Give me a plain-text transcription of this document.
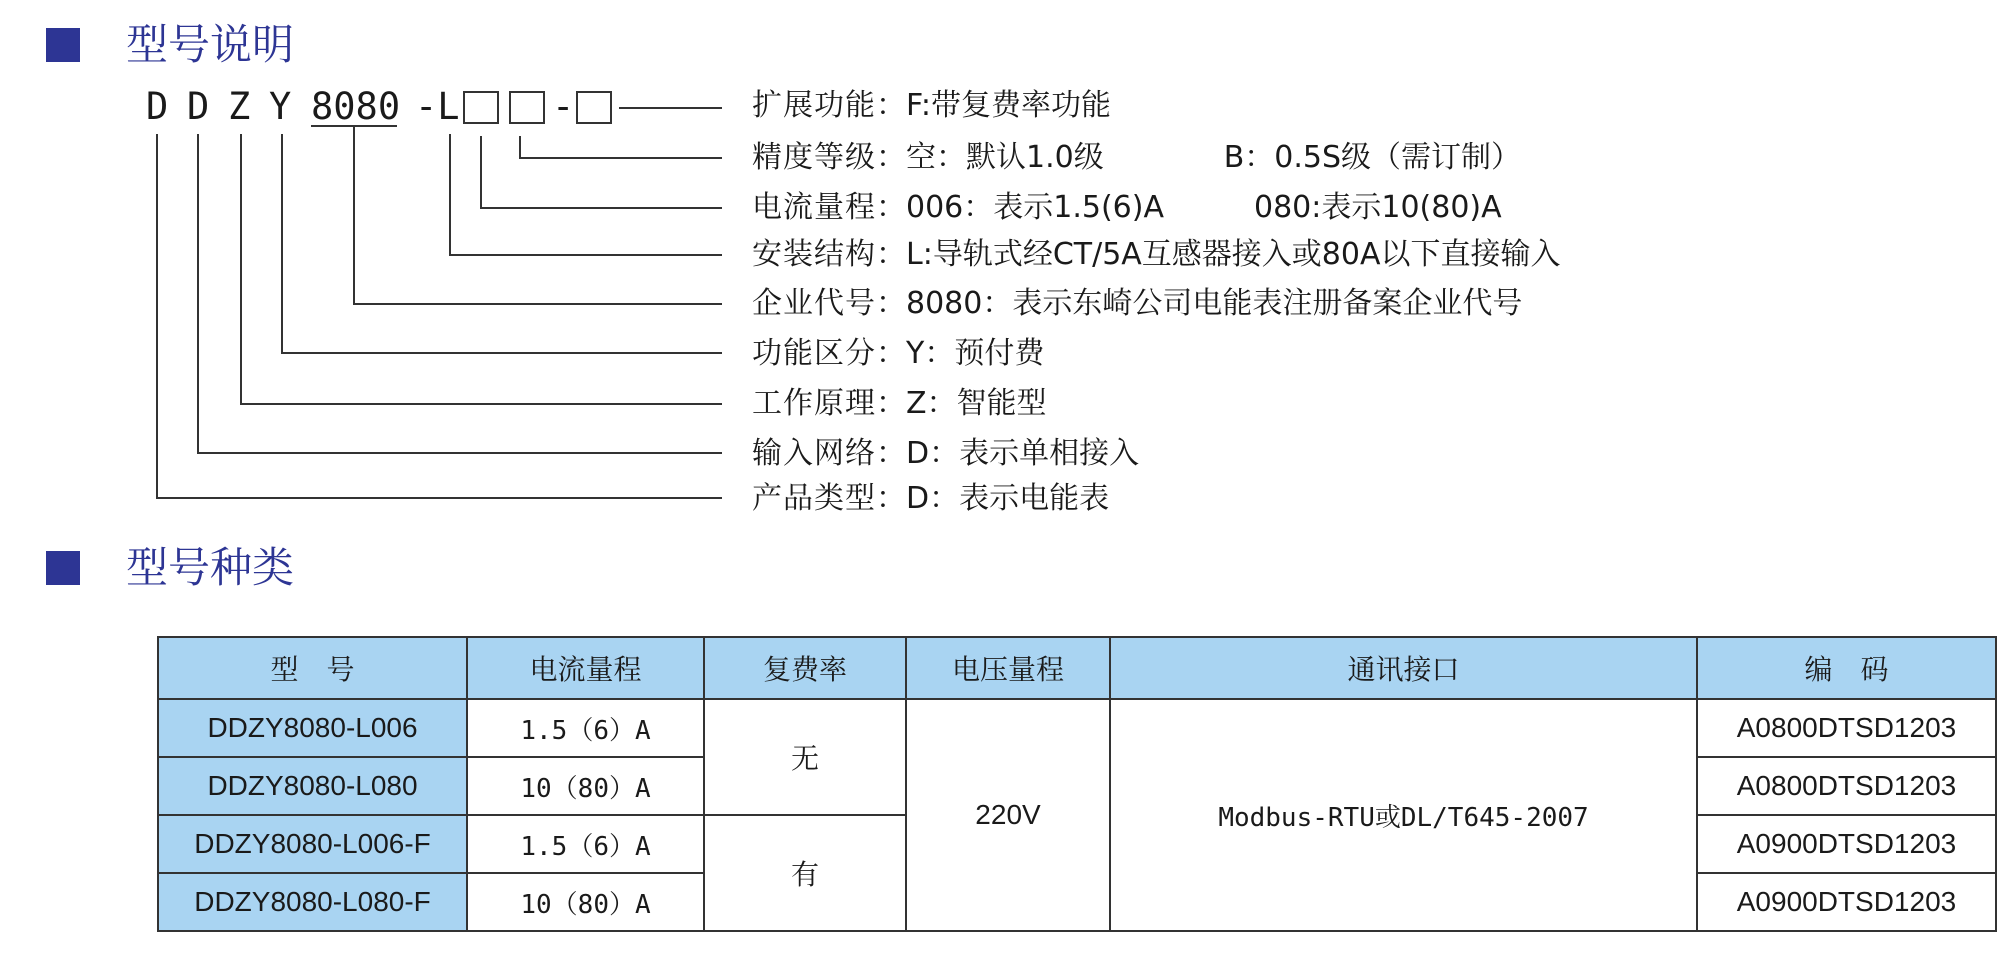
型号说明
D D Z Y 8080 -L -	扩展功能：F:带复费率功能
精度等级：空：默认1.0级　　　　B：0.5S级（需订制）
电流量程：006：表示1.5(6)A　　　080:表示10(80)A
安装结构：L:导轨式经CT/5A互感器接入或80A以下直接输入
企业代号：8080：表示东崎公司电能表注册备案企业代号
功能区分：Y：预付费
工作原理：Z：智能型
输入网络：D：表示单相接入
产品类型：D：表示电能表
型号种类
型　号	电流量程	复费率	电压量程	通讯接口	编　码
DDZY8080-L006	1.5（6）A	无	220V	Modbus-RTU或DL/T645-2007	A0800DTSD1203
DDZY8080-L080	10（80）A				A0800DTSD1203
DDZY8080-L006-F	1.5（6）A	有			A0900DTSD1203
DDZY8080-L080-F	10（80）A				A0900DTSD1203
